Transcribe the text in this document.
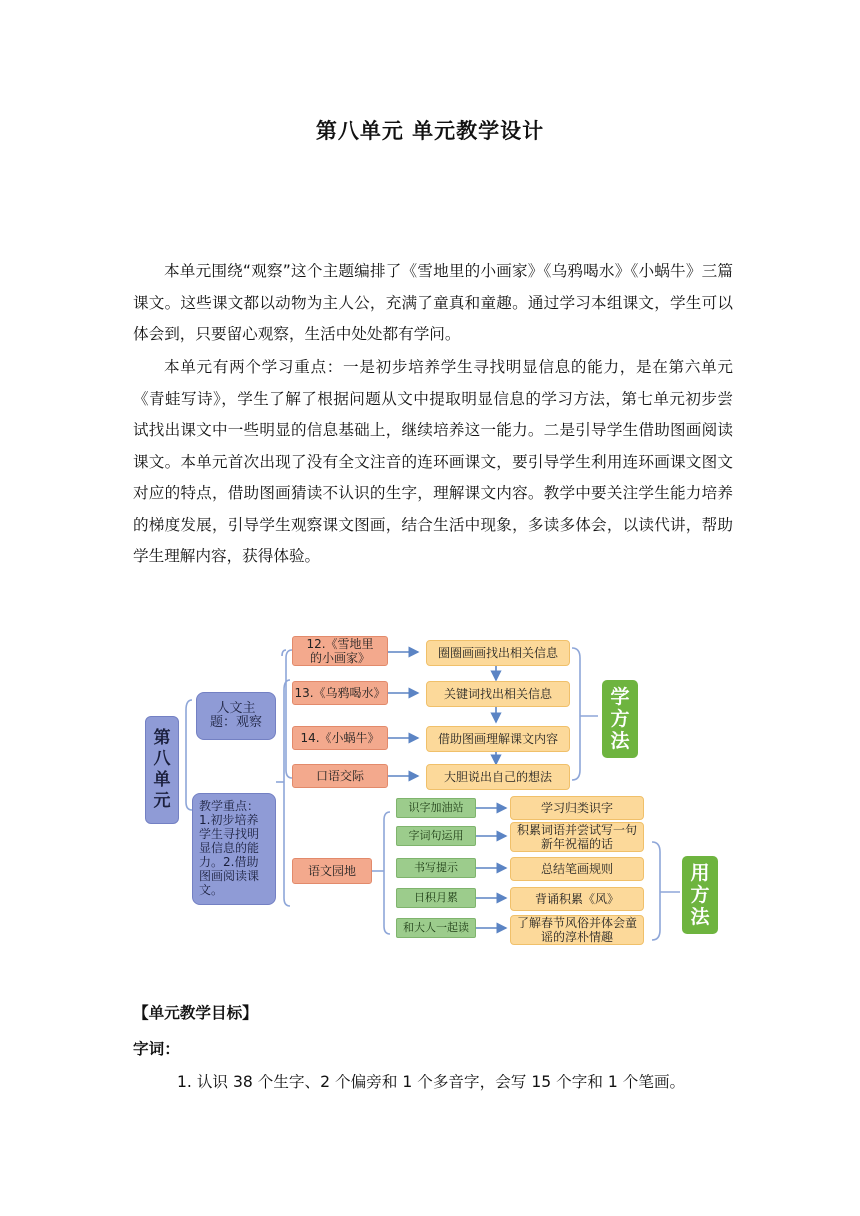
第八单元 单元教学设计

本单元围绕“观察”这个主题编排了《雪地里的小画家》《乌鸦喝水》《小蜗牛》三篇课文。这些课文都以动物为主人公，充满了童真和童趣。通过学习本组课文，学生可以体会到，只要留心观察，生活中处处都有学问。

本单元有两个学习重点：一是初步培养学生寻找明显信息的能力，是在第六单元《青蛙写诗》，学生了解了根据问题从文中提取明显信息的学习方法，第七单元初步尝试找出课文中一些明显的信息基础上，继续培养这一能力。二是引导学生借助图画阅读课文。本单元首次出现了没有全文注音的连环画课文，要引导学生利用连环画课文图文对应的特点，借助图画猜读不认识的生字，理解课文内容。教学中要关注学生能力培养的梯度发展，引导学生观察课文图画，结合生活中现象，多读多体会，以读代讲，帮助学生理解内容，获得体验。

第八单元
人文主题：观察
教学重点：1.初步培养学生寻找明显信息的能力。2.借助图画阅读课文。
12.《雪地里的小画家》
13.《乌鸦喝水》
14.《小蜗牛》
口语交际
圈圈画画找出相关信息
关键词找出相关信息
借助图画理解课文内容
大胆说出自己的想法
学方法
语文园地
识字加油站
字词句运用
书写提示
日积月累
和大人一起读
学习归类识字
积累词语并尝试写一句新年祝福的话
总结笔画规则
背诵积累《风》
了解春节风俗并体会童谣的淳朴情趣
用方法
【单元教学目标】
字词：
1. 认识 38 个生字、2 个偏旁和 1 个多音字，会写 15 个字和 1 个笔画。
